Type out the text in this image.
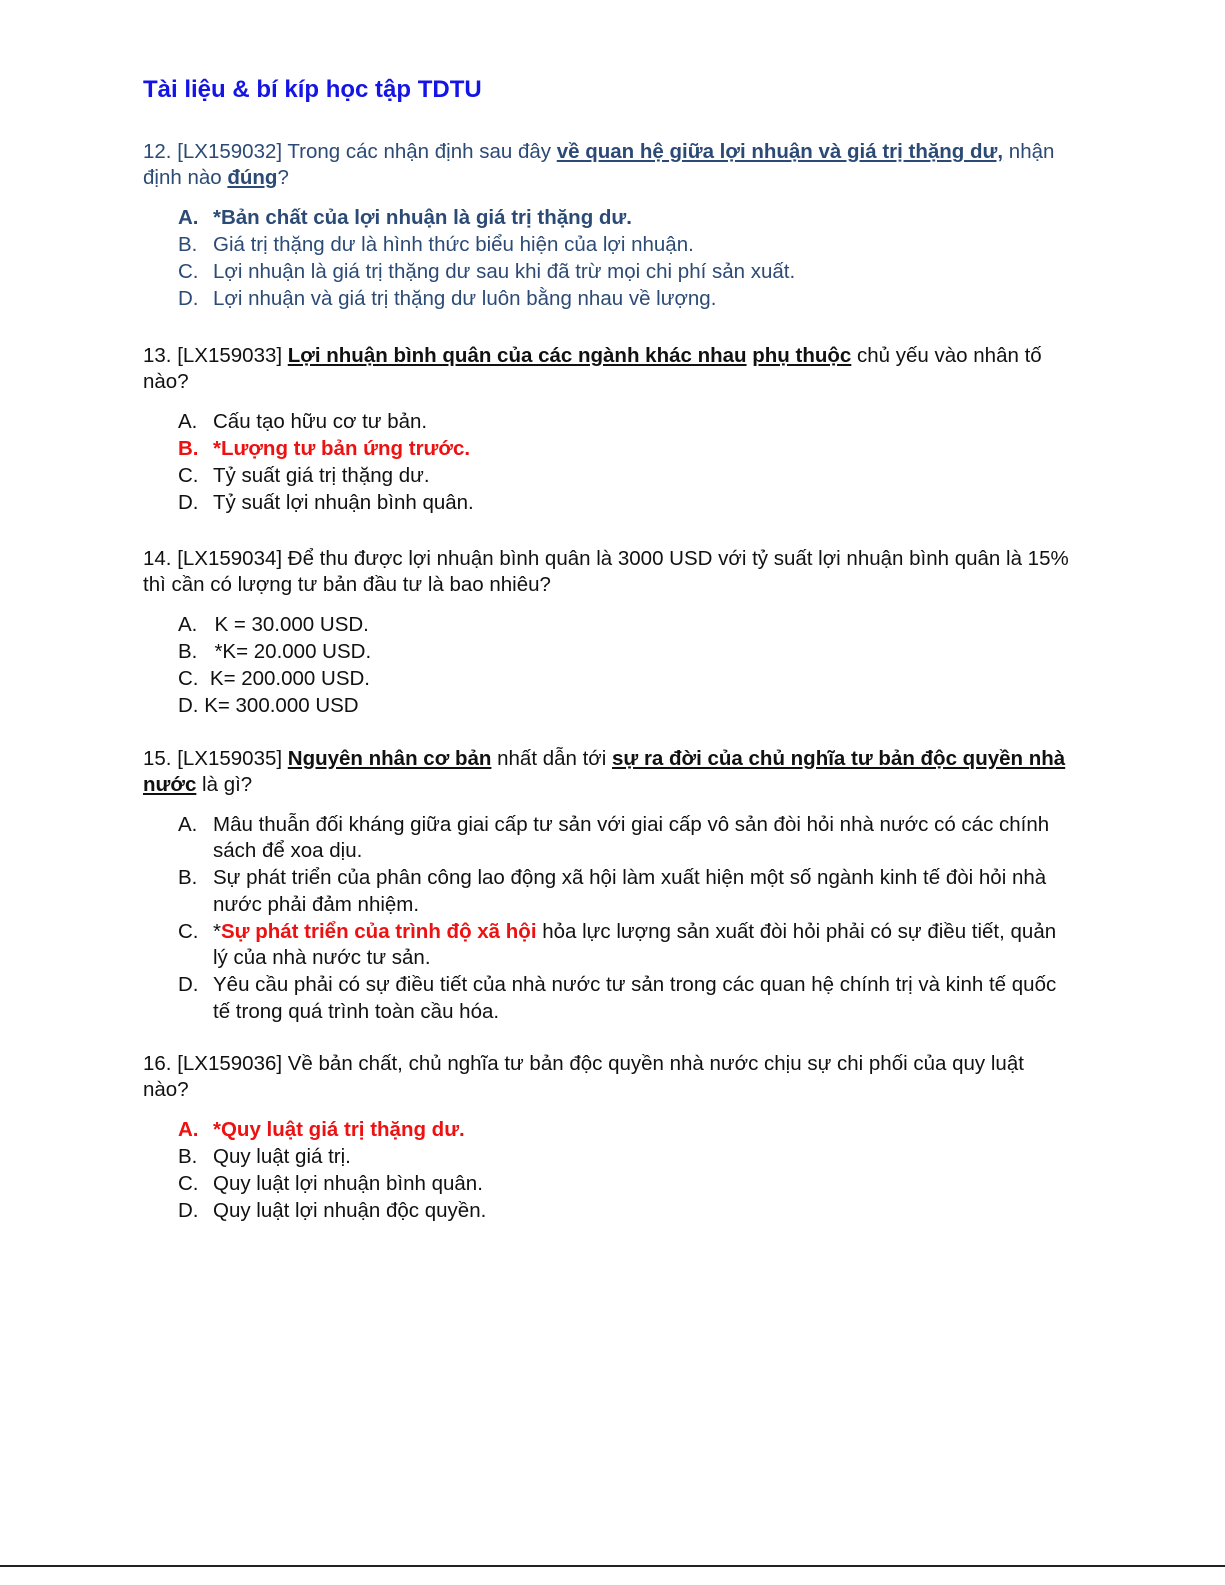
Tài liệu & bí kíp học tập TDTU

12. [LX159032] Trong các nhận định sau đây về quan hệ giữa lợi nhuận và giá trị thặng dư, nhận định nào đúng?

A. *Bản chất của lợi nhuận là giá trị thặng dư.
B. Giá trị thặng dư là hình thức biểu hiện của lợi nhuận.
C. Lợi nhuận là giá trị thặng dư sau khi đã trừ mọi chi phí sản xuất.
D. Lợi nhuận và giá trị thặng dư luôn bằng nhau về lượng.

13. [LX159033] Lợi nhuận bình quân của các ngành khác nhau phụ thuộc chủ yếu vào nhân tố nào?

A. Cấu tạo hữu cơ tư bản.
B. *Lượng tư bản ứng trước.
C. Tỷ suất giá trị thặng dư.
D. Tỷ suất lợi nhuận bình quân.

14. [LX159034] Để thu được lợi nhuận bình quân là 3000 USD với tỷ suất lợi nhuận bình quân là 15% thì cần có lượng tư bản đầu tư là bao nhiêu?

A.   K = 30.000 USD.
B.   *K= 20.000 USD.
C.  K= 200.000 USD.
D. K= 300.000 USD

15. [LX159035] Nguyên nhân cơ bản nhất dẫn tới sự ra đời của chủ nghĩa tư bản độc quyền nhà nước là gì?

A. Mâu thuẫn đối kháng giữa giai cấp tư sản với giai cấp vô sản đòi hỏi nhà nước có các chính sách để xoa dịu.
B. Sự phát triển của phân công lao động xã hội làm xuất hiện một số ngành kinh tế đòi hỏi nhà nước phải đảm nhiệm.
C. *Sự phát triển của trình độ xã hội hỏa lực lượng sản xuất đòi hỏi phải có sự điều tiết, quản lý của nhà nước tư sản.
D. Yêu cầu phải có sự điều tiết của nhà nước tư sản trong các quan hệ chính trị và kinh tế quốc tế trong quá trình toàn cầu hóa.

16. [LX159036] Về bản chất, chủ nghĩa tư bản độc quyền nhà nước chịu sự chi phối của quy luật nào?

A. *Quy luật giá trị thặng dư.
B. Quy luật giá trị.
C. Quy luật lợi nhuận bình quân.
D. Quy luật lợi nhuận độc quyền.
